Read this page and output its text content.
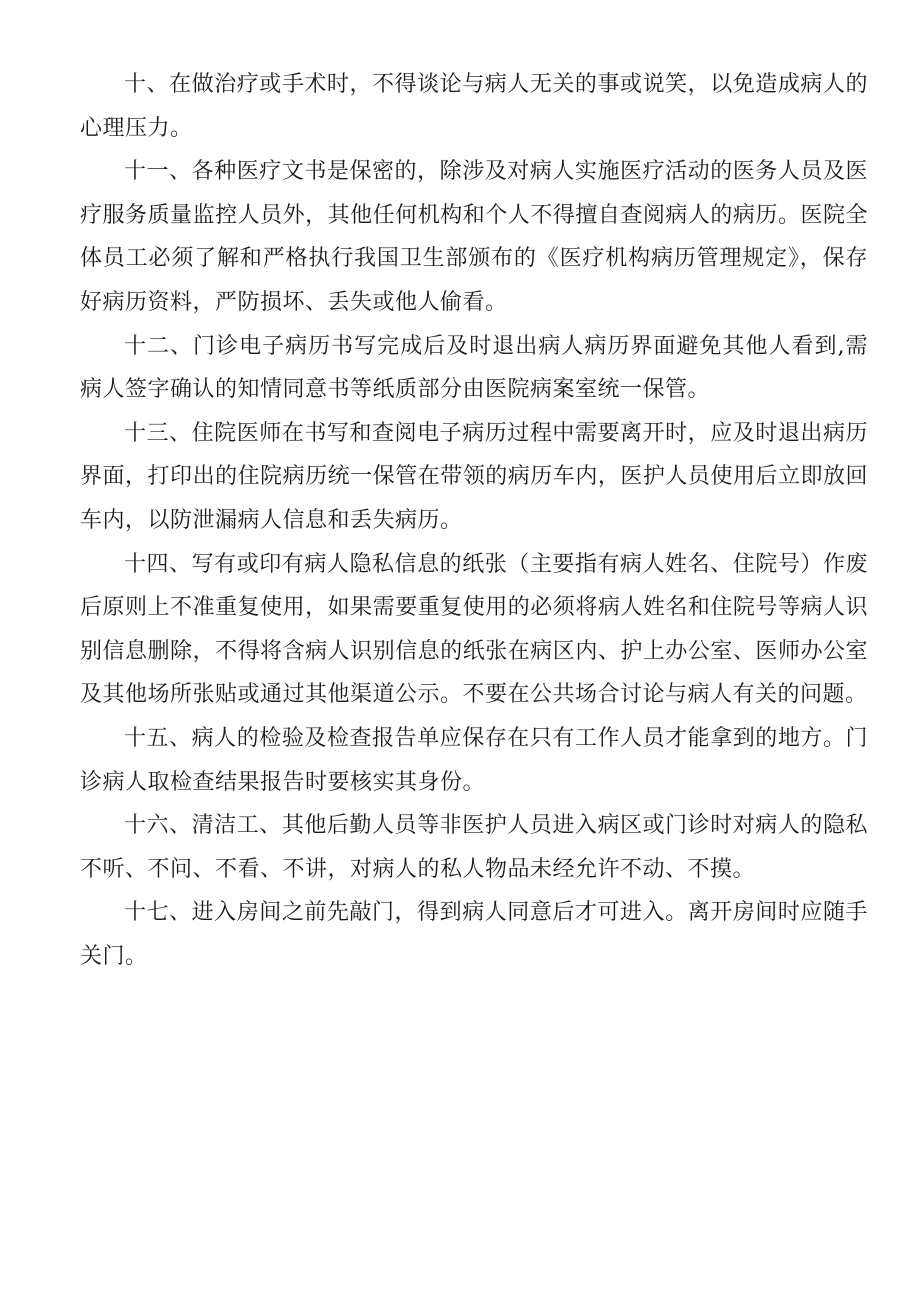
十、在做治疗或手术时，不得谈论与病人无关的事或说笑，以免造成病人的心理压力。

十一、各种医疗文书是保密的，除涉及对病人实施医疗活动的医务人员及医疗服务质量监控人员外，其他任何机构和个人不得擅自查阅病人的病历。医院全体员工必须了解和严格执行我国卫生部颁布的《医疗机构病历管理规定》，保存好病历资料，严防损坏、丢失或他人偷看。

十二、门诊电子病历书写完成后及时退出病人病历界面避免其他人看到,需病人签字确认的知情同意书等纸质部分由医院病案室统一保管。

十三、住院医师在书写和查阅电子病历过程中需要离开时，应及时退出病历界面，打印出的住院病历统一保管在带领的病历车内，医护人员使用后立即放回车内，以防泄漏病人信息和丢失病历。

十四、写有或印有病人隐私信息的纸张（主要指有病人姓名、住院号）作废后原则上不准重复使用，如果需要重复使用的必须将病人姓名和住院号等病人识别信息删除，不得将含病人识别信息的纸张在病区内、护上办公室、医师办公室及其他场所张贴或通过其他渠道公示。不要在公共场合讨论与病人有关的问题。

十五、病人的检验及检查报告单应保存在只有工作人员才能拿到的地方。门诊病人取检查结果报告时要核实其身份。

十六、清洁工、其他后勤人员等非医护人员进入病区或门诊时对病人的隐私不听、不问、不看、不讲，对病人的私人物品未经允许不动、不摸。

十七、进入房间之前先敲门，得到病人同意后才可进入。离开房间时应随手关门。
